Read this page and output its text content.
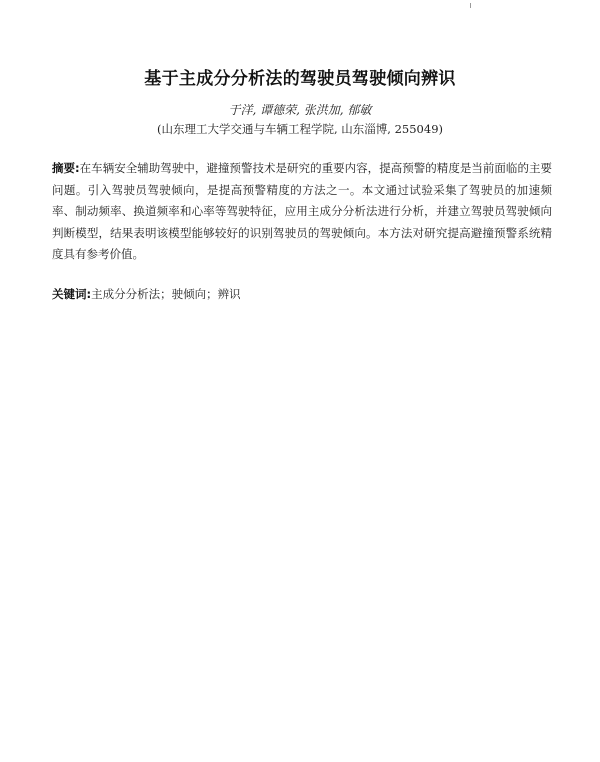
基于主成分分析法的驾驶员驾驶倾向辨识
于洋, 谭德荣, 张洪加, 郁敏
(山东理工大学交通与车辆工程学院, 山东淄博, 255049)
摘要:在车辆安全辅助驾驶中，避撞预警技术是研究的重要内容，提高预警的精度是当前面临的主要问题。引入驾驶员驾驶倾向，是提高预警精度的方法之一。本文通过试验采集了驾驶员的加速频率、制动频率、换道频率和心率等驾驶特征，应用主成分分析法进行分析，并建立驾驶员驾驶倾向判断模型，结果表明该模型能够较好的识别驾驶员的驾驶倾向。本方法对研究提高避撞预警系统精度具有参考价值。
关键词:主成分分析法；驶倾向；辨识
